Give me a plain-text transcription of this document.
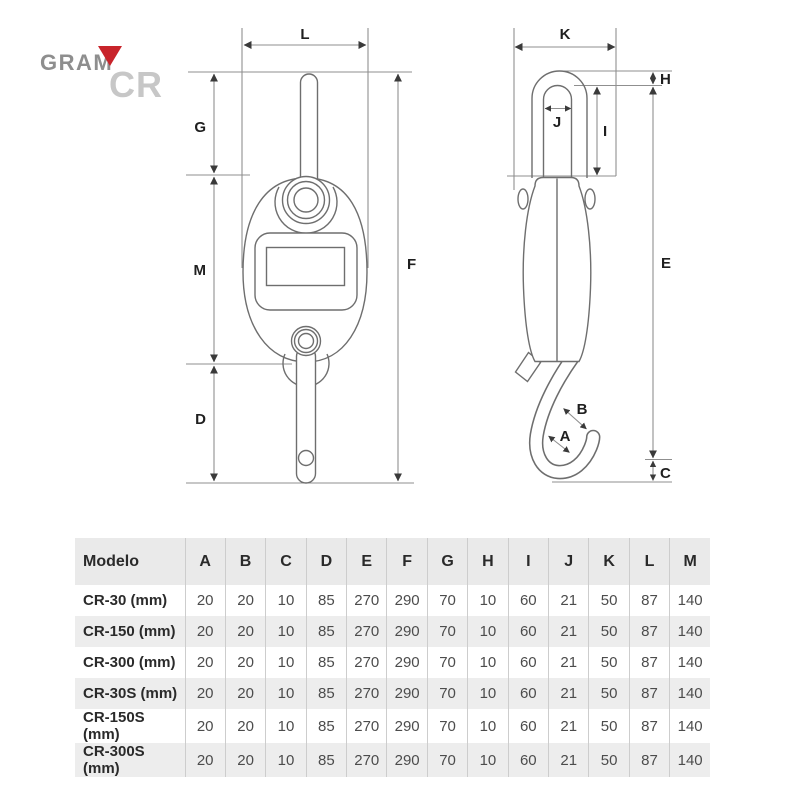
GRAM
CR
L
G
M
D
F
K
H
J
I
E
B
A
C
Modelo	A	B	C	D	E	F	G	H	I	J	K	L	M
CR-30 (mm)	20	20	10	85	270	290	70	10	60	21	50	87	140
CR-150 (mm)	20	20	10	85	270	290	70	10	60	21	50	87	140
CR-300 (mm)	20	20	10	85	270	290	70	10	60	21	50	87	140
CR-30S (mm)	20	20	10	85	270	290	70	10	60	21	50	87	140
CR-150S (mm)	20	20	10	85	270	290	70	10	60	21	50	87	140
CR-300S (mm)	20	20	10	85	270	290	70	10	60	21	50	87	140
